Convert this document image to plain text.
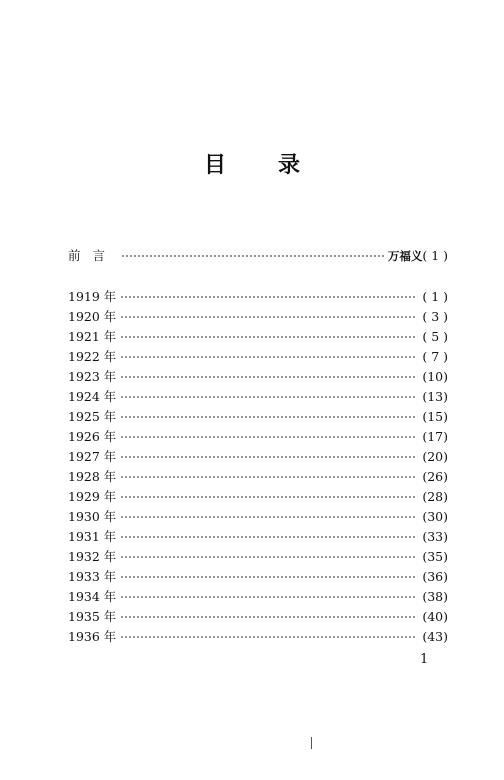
目 录
前言	万福义 ( 1 )
1919 年	( 1 )
1920 年	( 3 )
1921 年	( 5 )
1922 年	( 7 )
1923 年	(10)
1924 年	(13)
1925 年	(15)
1926 年	(17)
1927 年	(20)
1928 年	(26)
1929 年	(28)
1930 年	(30)
1931 年	(33)
1932 年	(35)
1933 年	(36)
1934 年	(38)
1935 年	(40)
1936 年	(43)
1
